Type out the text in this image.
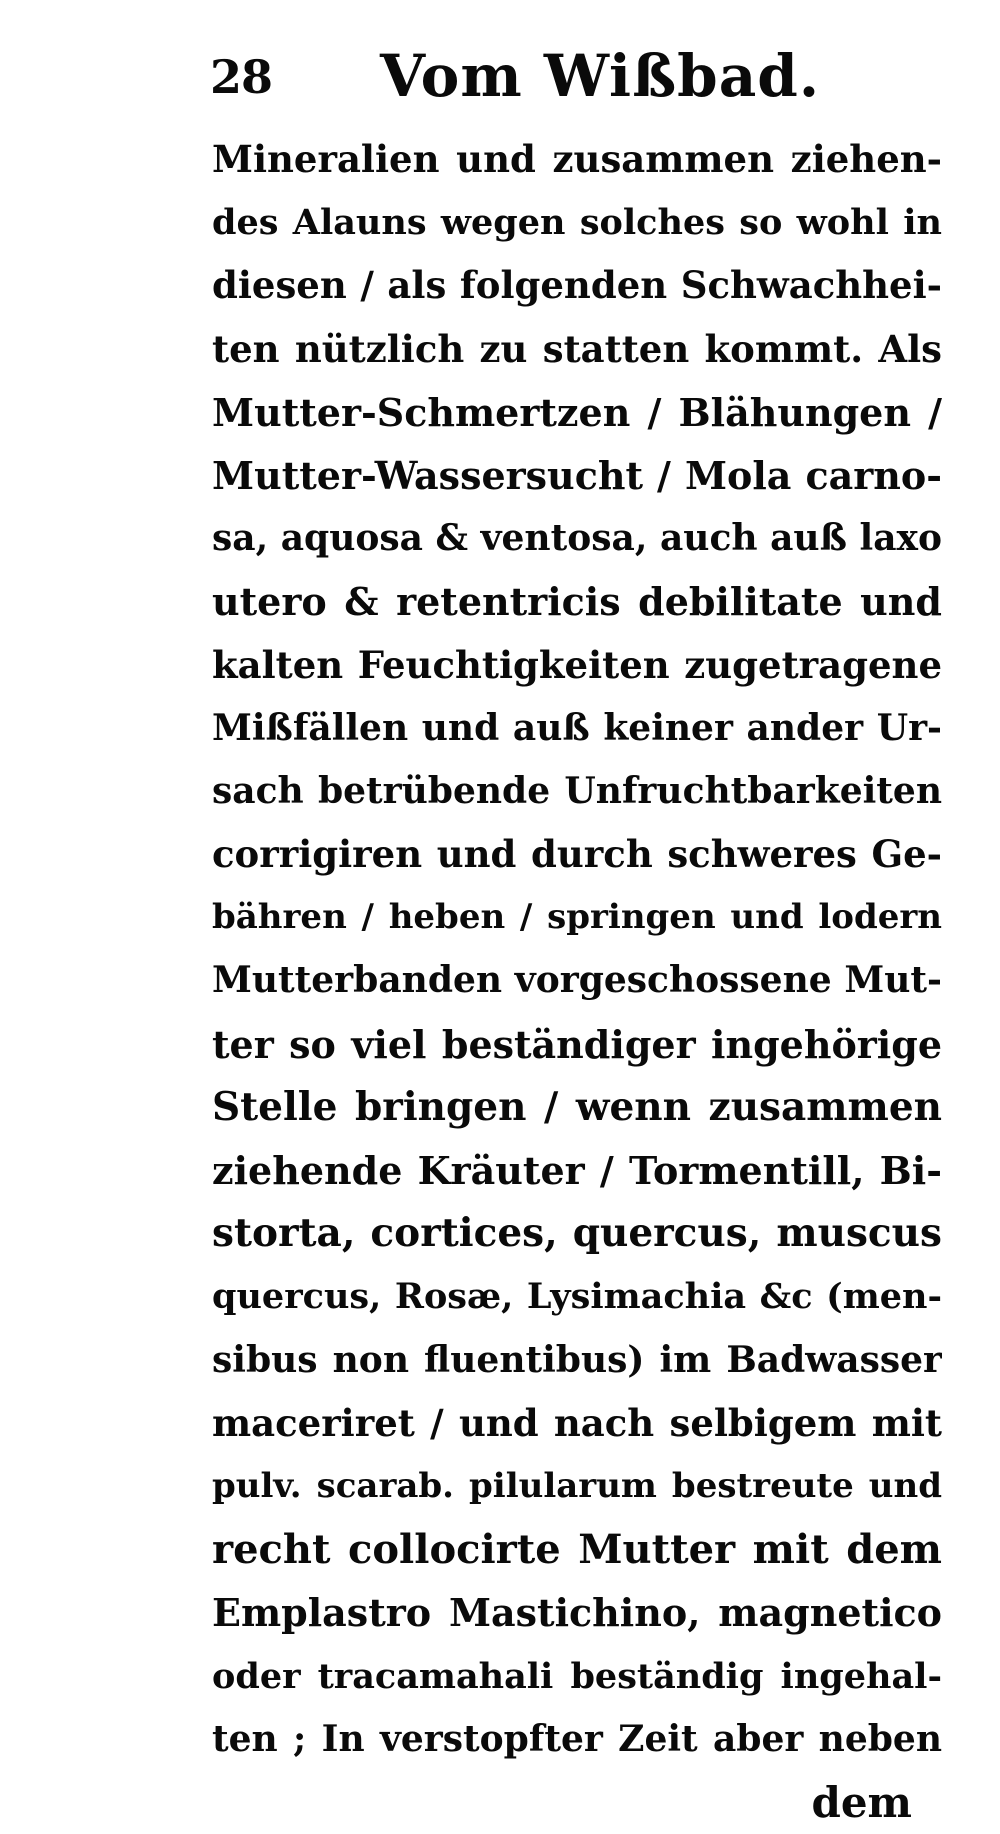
28 Vom Wißbad.
Mineralien und zusammen ziehen-
des Alauns wegen solches so wohl in
diesen / als folgenden Schwachhei-
ten nützlich zu statten kommt. Als
Mutter-Schmertzen / Blähungen /
Mutter-Wassersucht / Mola carno-
sa, aquosa & ventosa, auch auß laxo
utero & retentricis debilitate und
kalten Feuchtigkeiten zugetragene
Mißfällen und auß keiner ander Ur-
sach betrübende Unfruchtbarkeiten
corrigiren und durch schweres Ge-
bähren / heben / springen und lodern
Mutterbanden vorgeschossene Mut-
ter so viel beständiger ingehörige
Stelle bringen / wenn zusammen
ziehende Kräuter / Tormentill, Bi-
storta, cortices, quercus, muscus
quercus, Rosæ, Lysimachia &c (men-
sibus non fluentibus) im Badwasser
maceriret / und nach selbigem mit
pulv. scarab. pilularum bestreute und
recht collocirte Mutter mit dem
Emplastro Mastichino, magnetico
oder tracamahali beständig ingehal-
ten ; In verstopfter Zeit aber neben
dem
